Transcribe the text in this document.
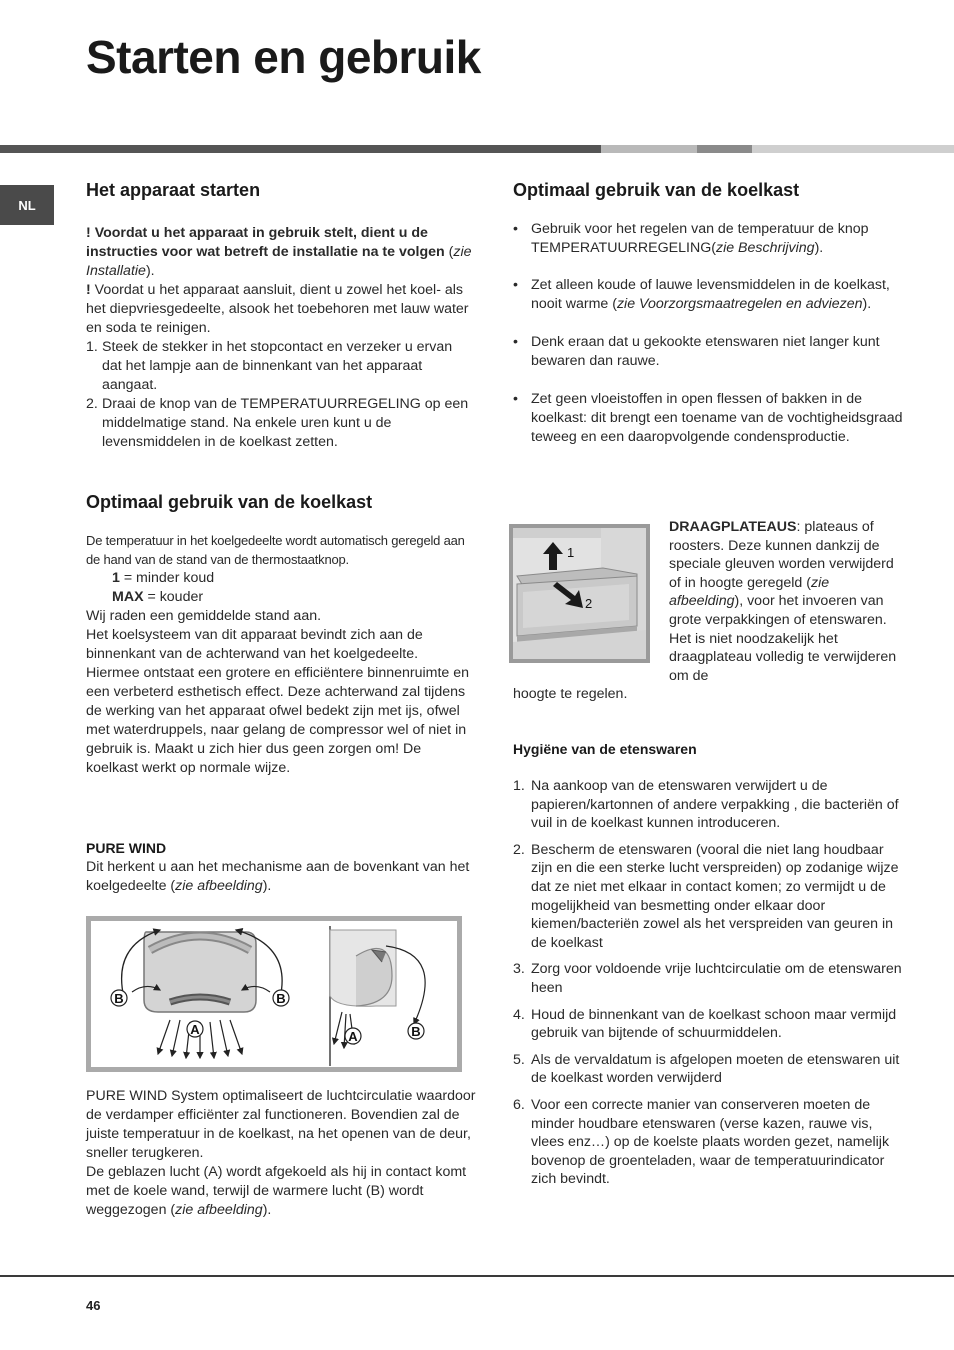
Starten en gebruik
NL
Het apparaat starten

! Voordat u het apparaat in gebruik stelt, dient u de instructies voor wat betreft de installatie na te volgen (zie Installatie).

! Voordat u het apparaat aansluit, dient u zowel het koel- als het diepvriesgedeelte, alsook het toebehoren met lauw water en soda te reinigen.

1. Steek de stekker in het stopcontact en verzeker u ervan dat het lampje aan de binnenkant van het apparaat aangaat.
2. Draai de knop van de TEMPERATUURREGELING op een middelmatige stand. Na enkele uren kunt u de levensmiddelen in de koelkast zetten.
Optimaal gebruik van de koelkast

De temperatuur in het koelgedeelte wordt automatisch geregeld aan de hand van de stand van de thermostaatknop.

1 = minder koud

MAX = kouder

Wij raden een gemiddelde stand aan.
Het koelsysteem van dit apparaat bevindt zich aan de binnenkant van de achterwand van het koelgedeelte. Hiermee ontstaat een grotere en efficiëntere binnenruimte en een verbeterd esthetisch effect. Deze achterwand zal tijdens de werking van het apparaat ofwel bedekt zijn met ijs, ofwel met waterdruppels, naar gelang de compressor wel of niet in gebruik is. Maakt u zich hier dus geen zorgen om! De koelkast werkt op normale wijze.

PURE WIND

Dit herkent u aan het mechanisme aan de bovenkant van het koelgedeelte (zie afbeelding).

B	B
A	A	B

PURE WIND System optimaliseert de luchtcirculatie waardoor de verdamper efficiënter zal functioneren. Bovendien zal de juiste temperatuur in de koelkast, na het openen van de deur, sneller terugkeren.
De geblazen lucht (A) wordt afgekoeld als hij in contact komt met de koele wand, terwijl de warmere lucht (B) wordt weggezogen (zie afbeelding).

Optimaal gebruik van de koelkast
• Gebruik voor het regelen van de temperatuur de knop TEMPERATUURREGELING(zie Beschrijving).
• Zet alleen koude of lauwe levensmiddelen in de koelkast, nooit warme (zie Voorzorgsmaatregelen en adviezen).
• Denk eraan dat u gekookte etenswaren niet langer kunt bewaren dan rauwe.
• Zet geen vloeistoffen in open flessen of bakken in de koelkast: dit brengt een toename van de vochtigheidsgraad teweeg en een daaropvolgende condensproductie.
1
2

DRAAGPLATEAUS: plateaus of roosters. Deze kunnen dankzij de speciale gleuven worden verwijderd of in hoogte geregeld (zie afbeelding), voor het invoeren van grote verpakkingen of etenswaren. Het is niet noodzakelijk het draagplateau volledig te verwijderen om de

hoogte te regelen.

Hygiëne van de etenswaren
1. Na aankoop van de etenswaren verwijdert u de papieren/kartonnen of andere verpakking , die bacteriën of vuil in de koelkast kunnen introduceren.
2. Bescherm de etenswaren (vooral die niet lang houdbaar zijn en die een sterke lucht verspreiden) op zodanige wijze dat ze niet met elkaar in contact komen; zo vermijdt u de mogelijkheid van besmetting onder elkaar door kiemen/bacteriën zowel als het verspreiden van geuren in de koelkast
3. Zorg voor voldoende vrije luchtcirculatie om de etenswaren heen
4. Houd de binnenkant van de koelkast schoon maar vermijd gebruik van bijtende of schuurmiddelen.
5. Als de vervaldatum is afgelopen moeten de etenswaren uit de koelkast worden verwijderd
6. Voor een correcte manier van conserveren moeten de minder houdbare etenswaren (verse kazen, rauwe vis, vlees enz…) op de koelste plaats worden gezet, namelijk bovenop de groenteladen, waar de temperatuurindicator zich bevindt.
46
